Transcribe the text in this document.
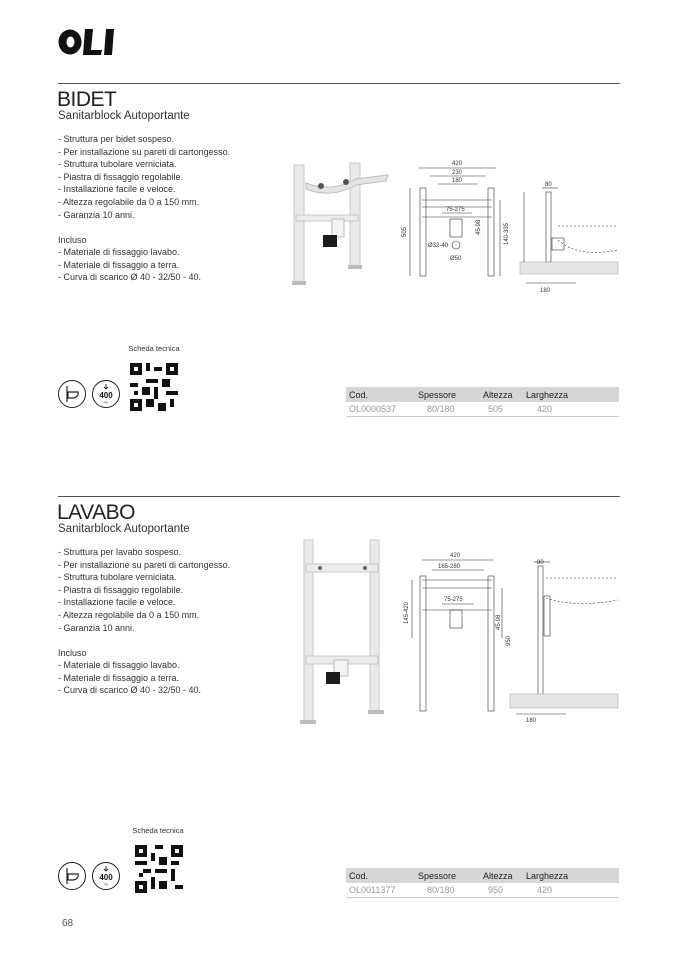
BIDET
Sanitarblock Autoportante
- Struttura per bidet sospeso.
- Per installazione su pareti di cartongesso.
- Struttura tubolare verniciata.
- Piastra di fissaggio regolabile.
- Installazione facile e veloce.
- Altezza regolabile da 0 a 150 mm.
- Garanzia 10 anni.
Incluso
- Materiale di fissaggio lavabo.
- Materiale di fissaggio a terra.
- Curva di scarico Ø 40 - 32/50 - 40.
420
230
180
75-275
505	45-98	140-335
Ø32-40
Ø50
80
180
Scheda tecnica
400
kg
Cod.	Spessore	Altezza	Larghezza
OL0000537	80/180	505	420
LAVABO
Sanitarblock Autoportante
- Struttura per lavabo sospeso.
- Per installazione su pareti di cartongesso.
- Struttura tubolare verniciata.
- Piastra di fissaggio regolabile.
- Installazione facile e veloce.
- Altezza regolabile da 0 a 150 mm.
- Garanzia 10 anni.
Incluso
- Materiale di fissaggio lavabo.
- Materiale di fissaggio a terra.
- Curva di scarico Ø 40 - 32/50 - 40.
420
165-280
75-275
145-420	45-98
950
80
180
Scheda tecnica
400
kg
Cod.	Spessore	Altezza	Larghezza
OL0011377	80/180	950	420
68
